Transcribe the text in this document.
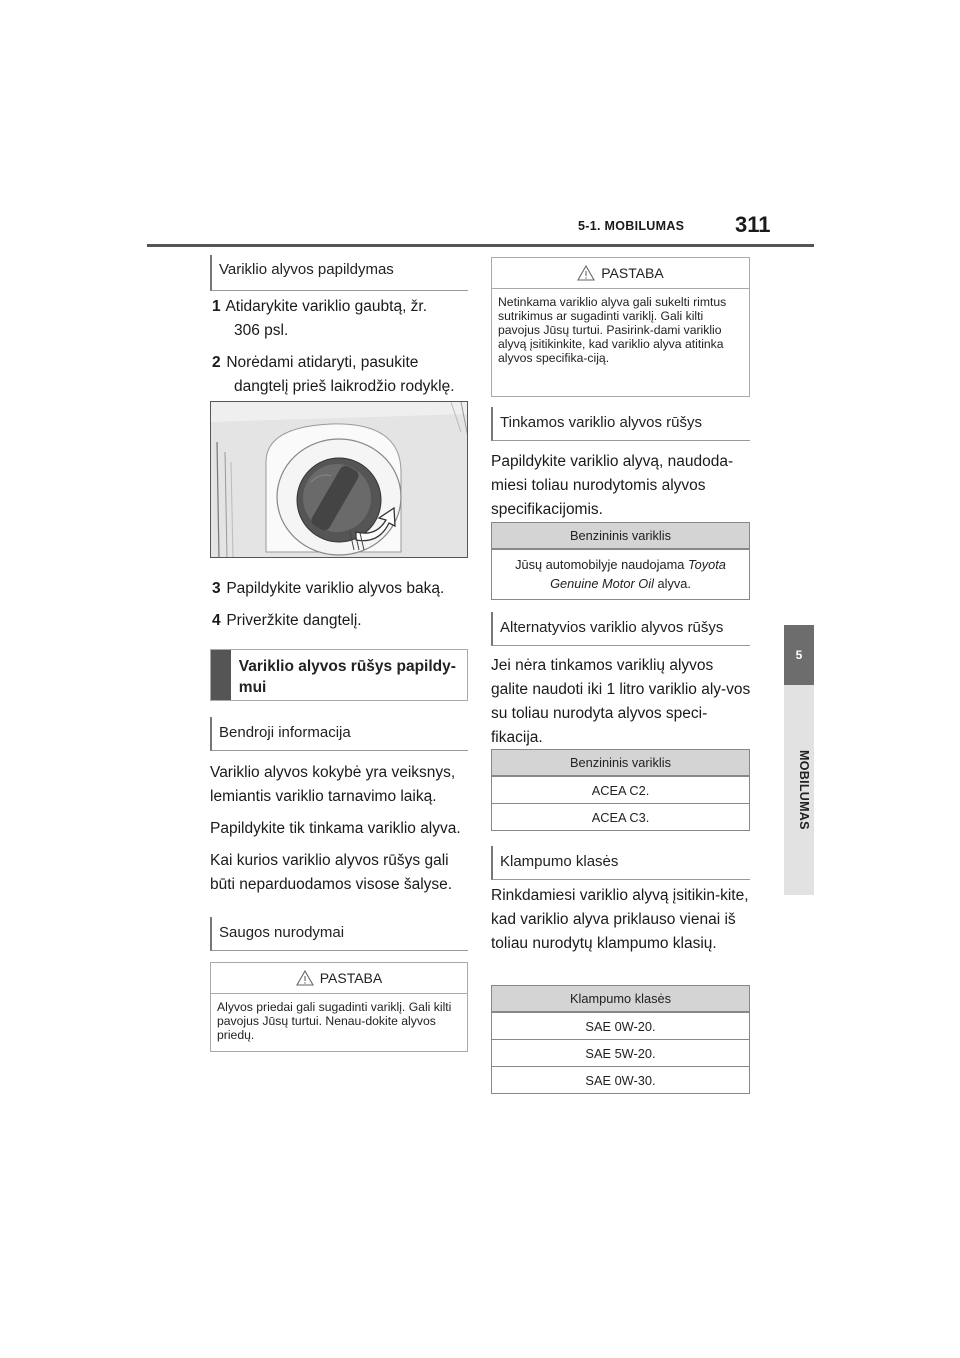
5-1. MOBILUMAS 311
5
MOBILUMAS
Variklio alyvos papildymas
1 Atidarykite variklio gaubtą, žr.
306 psl.
2 Norėdami atidaryti, pasukite
dangtelį prieš laikrodžio rodyklę.
3 Papildykite variklio alyvos baką.
4 Priveržkite dangtelį.
Variklio alyvos rūšys papildy-mui
Bendroji informacija

Variklio alyvos kokybė yra veiksnys, lemiantis variklio tarnavimo laiką.

Papildykite tik tinkama variklio alyva.

Kai kurios variklio alyvos rūšys gali būti neparduodamos visose šalyse.

Saugos nurodymai
PASTABA
Alyvos priedai gali sugadinti variklį. Gali kilti pavojus Jūsų turtui. Nenau-dokite alyvos priedų.
PASTABA
Netinkama variklio alyva gali sukelti rimtus sutrikimus ar sugadinti variklį. Gali kilti pavojus Jūsų turtui. Pasirink-dami variklio alyvą įsitikinkite, kad variklio alyva atitinka alyvos specifika-ciją.
Tinkamos variklio alyvos rūšys
Papildykite variklio alyvą, naudoda-miesi toliau nurodytomis alyvos specifikacijomis.
Benzininis variklis
Jūsų automobilyje naudojama Toyota Genuine Motor Oil alyva.
Alternatyvios variklio alyvos rūšys
Jei nėra tinkamos variklių alyvos galite naudoti iki 1 litro variklio aly-vos su toliau nurodyta alyvos speci-fikacija.
Benzininis variklis
ACEA C2.
ACEA C3.
Klampumo klasės
Rinkdamiesi variklio alyvą įsitikin-kite, kad variklio alyva priklauso vienai iš toliau nurodytų klampumo klasių.
Klampumo klasės
SAE 0W-20.
SAE 5W-20.
SAE 0W-30.
